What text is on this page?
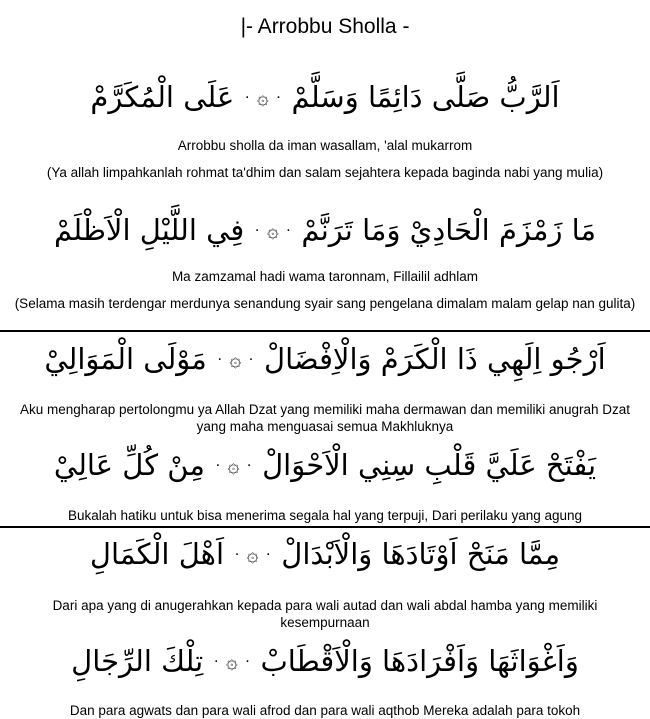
|- Arrobbu Sholla -
اَلرَّبُّ صَلَّى دَائِمًا وَسَلَّمْ $^٠$۞$^٠$ عَلَى الْمُكَرَّمْ
Arrobbu sholla da iman wasallam, 'alal mukarrom
(Ya allah limpahkanlah rohmat ta'dhim dan salam sejahtera kepada baginda nabi yang mulia)
مَا زَمْزَمَ الْحَادِيْ وَمَا تَرَنَّمْ $^٠$۞$^٠$ فِي اللَّيْلِ الْاَظْلَمْ
Ma zamzamal hadi wama taronnam, Fillailil adhlam
(Selama masih terdengar merdunya senandung syair sang pengelana dimalam malam gelap nan gulita)
اَرْجُو اِلَهِي ذَا الْكَرَمْ وَالْاِفْضَالْ $^٠$۞$^٠$ مَوْلَى الْمَوَالِيْ
Aku mengharap pertolongmu ya Allah Dzat yang memiliki maha dermawan dan memiliki anugrah Dzat yang maha menguasai semua Makhluknya
يَفْتَحْ عَلَيَّ قَلْبِ سِنِي الْاَحْوَالْ $^٠$۞$^٠$ مِنْ كُلِّ عَالِيْ
Bukalah hatiku untuk bisa menerima segala hal yang terpuji, Dari perilaku yang agung
مِمَّا مَنَحْ اَوْتَادَهَا وَالْاَبْدَالْ $^٠$۞$^٠$ اَهْلَ الْكَمَالِ
Dari apa yang di anugerahkan kepada para wali autad dan wali abdal hamba yang memiliki kesempurnaan
وَاَغْوَاثَهَا وَاَفْرَادَهَا وَالْاَقْطَابْ $^٠$۞$^٠$ تِلْكَ الرِّجَالِ
Dan para agwats dan para wali afrod dan para wali aqthob Mereka adalah para tokoh
